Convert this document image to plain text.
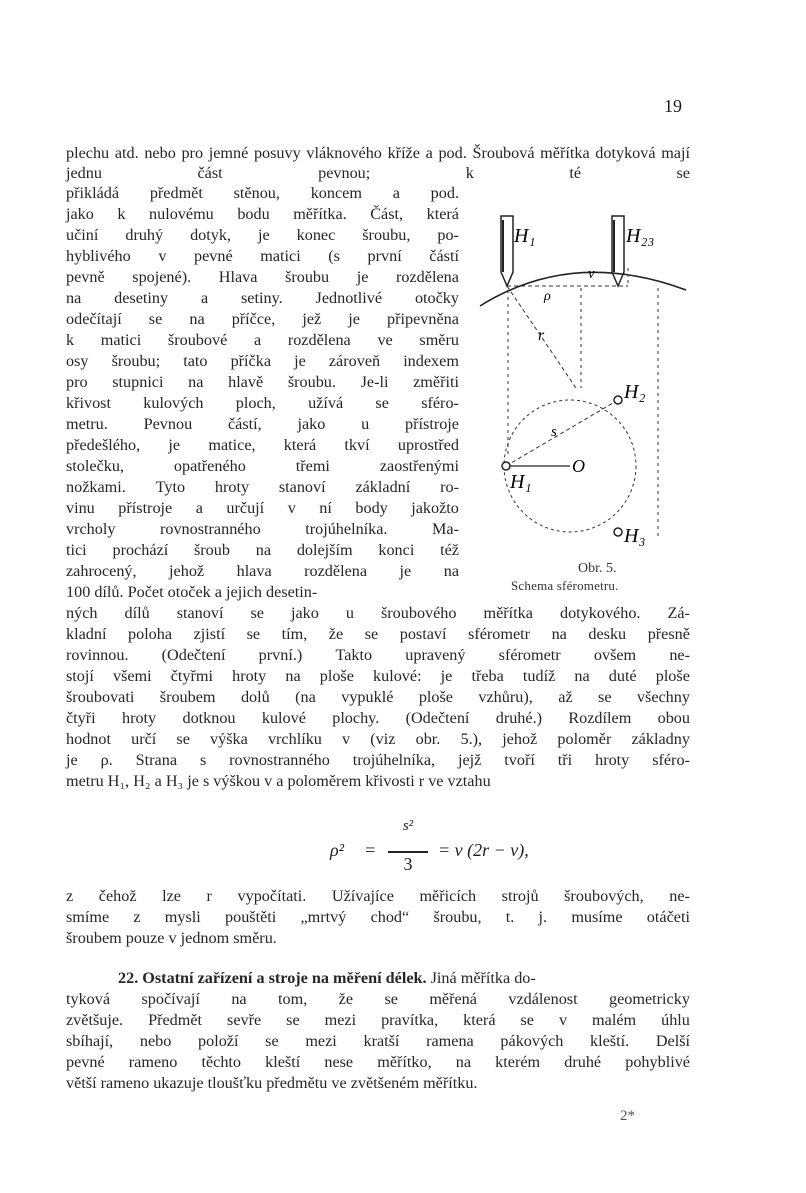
19
plechu atd. nebo pro jemné posuvy vláknového kříže a pod. Šroubová měřítka dotyková mají jednu část pevnou; k té se
přikládá předmět stěnou, koncem a pod.
jako k nulovému bodu měřítka. Část, která
učiní druhý dotyk, je konec šroubu, po-
hyblivého v pevné matici (s první částí
pevně spojené). Hlava šroubu je rozdělena
na desetiny a setiny. Jednotlivé otočky
odečítají se na příčce, jež je připevněna
k matici šroubové a rozdělena ve směru
osy šroubu; tato příčka je zároveň indexem
pro stupnici na hlavě šroubu. Je-li změřiti
křivost kulových ploch, užívá se sféro-
metru. Pevnou částí, jako u přístroje
předešlého, je matice, která tkví uprostřed
stolečku,	opatřeného	třemi	zaostřenými
nožkami. Tyto hroty stanoví základní ro-
vinu přístroje a určují v ní body jakožto
vrcholy	rovnostranného	trojúhelníka.	Ma-
tici prochází šroub na dolejším konci též
zahrocený, jehož hlava rozdělena je na
100 dílů. Počet otoček a jejich desetin-
ných dílů stanoví se jako u šroubového měřítka dotykového. Zá-
kladní poloha zjistí se tím, že se postaví sférometr na desku přesně
rovinnou. (Odečtení první.) Takto upravený sférometr ovšem ne-
stojí všemi čtyřmi hroty na ploše kulové: je třeba tudíž na duté ploše
šroubovati šroubem dolů (na vypuklé ploše vzhůru), až se všechny
čtyři hroty dotknou kulové plochy. (Odečtení druhé.) Rozdílem obou
hodnot určí se výška vrchlíku v (viz obr. 5.), jehož poloměr základny
je ρ. Strana s rovnostranného trojúhelníka, jejž tvoří tři hroty sféro-
metru H₁, H₂ a H₃ je s výškou v a poloměrem křivosti r ve vztahu
ρ² =
s²
3
= v (2r − v),
z čehož lze r vypočítati. Užívajíce měřicích strojů šroubových, ne-
smíme z mysli pouštěti „mrtvý chod“ šroubu, t. j. musíme otáčeti
šroubem pouze v jednom směru.
22. Ostatní zařízení a stroje na měření délek. Jiná měřítka do-
tyková spočívají na tom, že se měřená vzdálenost geometricky
zvětšuje. Předmět sevře se mezi pravítka, která se v malém úhlu
sbíhají, nebo položí se mezi kratší ramena pákových kleští. Delší
pevné rameno těchto kleští nese měřítko, na kterém druhé pohyblivé
větší rameno ukazuje tloušťku předmětu ve zvětšeném měřítku.
2*
H₁	H₂₃
v
ρ
r
H₂
s
O
H₁
H₃
Obr. 5.
Schema sférometru.
